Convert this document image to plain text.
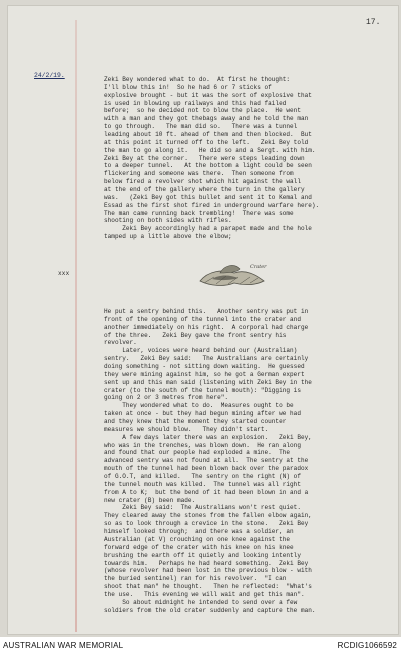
17.
24/2/19.
Zeki Bey wondered what to do.  At first he thought:
I'll blow this in!  So he had 6 or 7 sticks of
explosive brought - but it was the sort of explosive that
is used in blowing up railways and this had failed
before;  so he decided not to blow the place.  He went
with a man and they got thebags away and he told the man
to go through.   The man did so.   There was a tunnel
leading about 10 ft. ahead of them and then blocked.  But
at this point it turned off to the left.   Zeki Bey told
the man to go along it.   He did so and a Sergt. with him.
Zeki Bey at the corner.   There were steps leading down
to a deeper tunnel.   At the bottom a light could be seen
flickering and someone was there.  Then someone from
below fired a revolver shot which hit against the wall
at the end of the gallery where the turn in the gallery
was.   (Zeki Bey got this bullet and sent it to Kemal and
Essad as the first shot fired in underground warfare here).
The man came running back trembling!  There was some
shooting on both sides with rifles.
Zeki Bey accordingly had a parapet made and the hole
tamped up a little above the elbow;
xxx
Crater
He put a sentry behind this.   Another sentry was put in
front of the opening of the tunnel into the crater and
another immediately on his right.  A corporal had charge
of the three.   Zeki Bey gave the front sentry his
revolver.
Later, voices were heard behind our (Australian)
sentry.   Zeki Bey said:   The Australians are certainly
doing something - not sitting down waiting.  He guessed
they were mining against him, so he got a German expert
sent up and this man said (listening with Zeki Bey in the
crater (to the south of the tunnel mouth): "Digging is
going on 2 or 3 metres from here".
They wondered what to do.  Measures ought to be
taken at once - but they had begun mining after we had
and they knew that the moment they started counter
measures we should blow.   They didn't start.
A few days later there was an explosion.   Zeki Bey,
who was in the trenches, was blown down.  He ran along
and found that our people had exploded a mine.  The
advanced sentry was not found at all.  The sentry at the
mouth of the tunnel had been blown back over the paradox
of G.O.T, and killed.   The sentry on the right (N) of
the tunnel mouth was killed.  The tunnel was all right
from A to K;  but the bend of it had been blown in and a
new crater (B) been made.
Zeki Bey said:  The Australians won't rest quiet.
They cleared away the stones from the fallen elbow again,
so as to look through a crevice in the stone.   Zeki Bey
himself looked through;  and there was a soldier, an
Australian (at V) crouching on one knee against the
forward edge of the crater with his knee on his knee
brushing the earth off it quietly and looking intently
towards him.   Perhaps he had heard something.  Zeki Bey
(whose revolver had been lost in the previous blow - with
the buried sentinel) ran for his revolver.  "I can
shoot that man" he thought.   Then he reflected:  "What's
the use.   This evening we will wait and get this man".
So about midnight he intended to send over a few
soldiers from the old crater suddenly and capture the man.
AUSTRALIAN WAR MEMORIAL	RCDIG1066592
